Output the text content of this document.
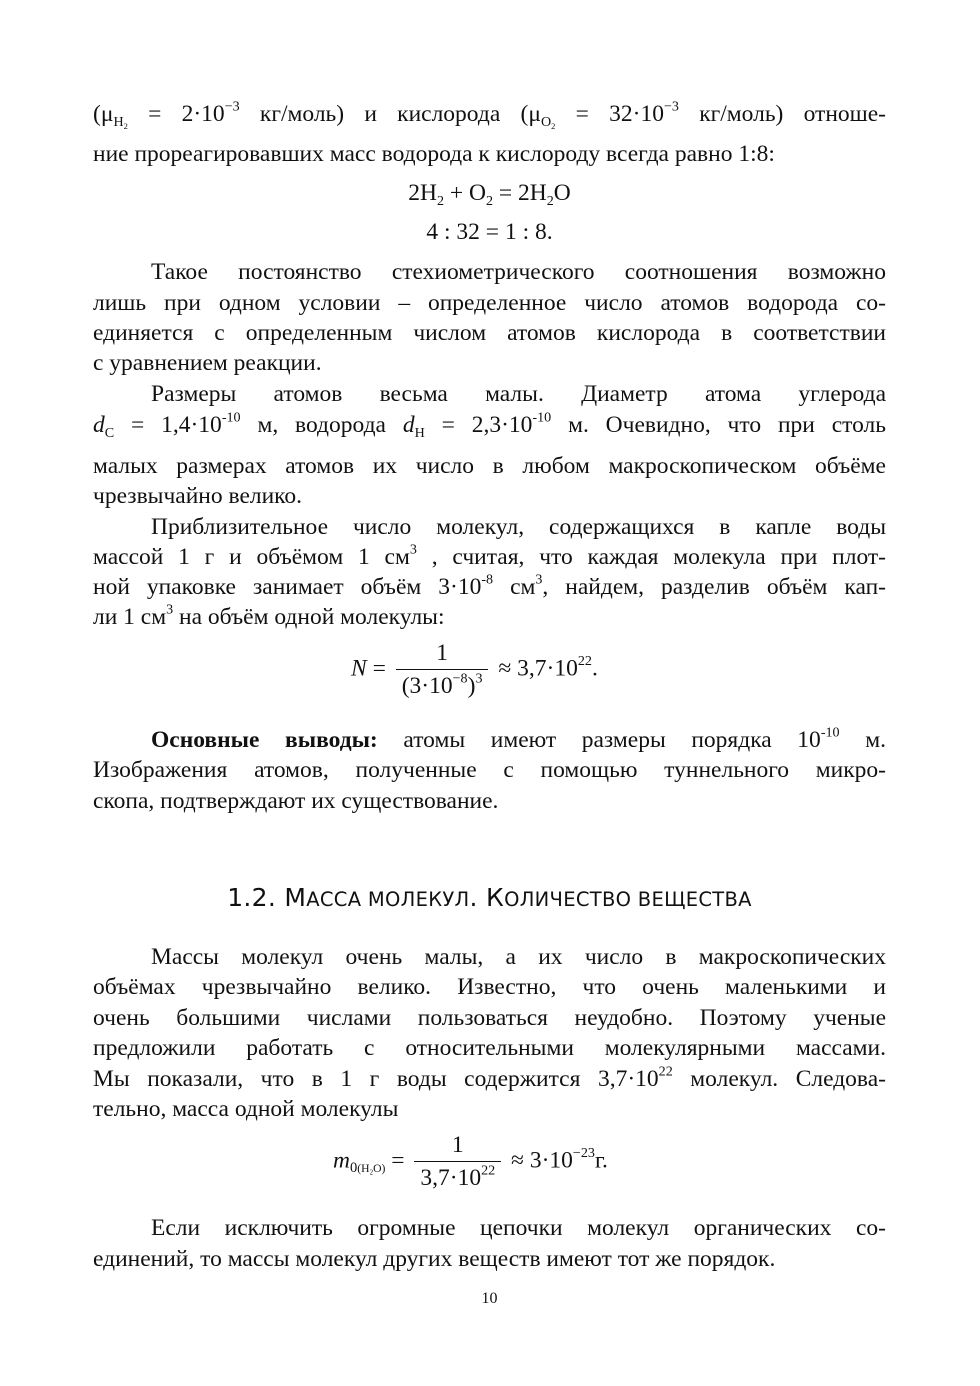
($\mu_{H_2} = 2\cdot 10^{-3}$ кг/моль) и кислорода ($\mu_{O_2} = 32\cdot 10^{-3}$ кг/моль) отноше-
ние прореагировавших масс водорода к кислороду всегда равно 1:8:
$2H_2 + O_2 = 2H_2O$
4 : 32 = 1 : 8.
Такое постоянство стехиометрического соотношения возможно
лишь при одном условии – определенное число атомов водорода со-
единяется с определенным числом атомов кислорода в соответствии
с уравнением реакции.
Размеры атомов весьма малы. Диаметр атома углерода
$d_C = 1,4\cdot 10^{-10}$ м, водорода $d_H = 2,3\cdot 10^{-10}$ м. Очевидно, что при столь
малых размерах атомов их число в любом макроскопическом объёме
чрезвычайно велико.
Приблизительное число молекул, содержащихся в капле воды
массой 1 г и объёмом 1 $см^3$ , считая, что каждая молекула при плот-
ной упаковке занимает объём $3\cdot 10^{-8}$ $см^3$, найдем, разделив объём кап-
ли 1 $см^3$ на объём одной молекулы:
$N = \frac{1}{(3\cdot 10^{-8})^3} \approx 3,7\cdot 10^{22}$.
Основные выводы: атомы имеют размеры порядка $10^{-10}$ м.
Изображения атомов, полученные с помощью туннельного микро-
скопа, подтверждают их существование.
1.2. МАССА МОЛЕКУЛ. КОЛИЧЕСТВО ВЕЩЕСТВА
Массы молекул очень малы, а их число в макроскопических
объёмах чрезвычайно велико. Известно, что очень маленькими и
очень большими числами пользоваться неудобно. Поэтому ученые
предложили работать с относительными молекулярными массами.
Мы показали, что в 1 г воды содержится $3,7\cdot 10^{22}$ молекул. Следова-
тельно, масса одной молекулы
$m_{0(H_2O)} = \frac{1}{3,7\cdot 10^{22}} \approx 3\cdot 10^{-23}г$.
Если исключить огромные цепочки молекул органических со-
единений, то массы молекул других веществ имеют тот же порядок.
10
